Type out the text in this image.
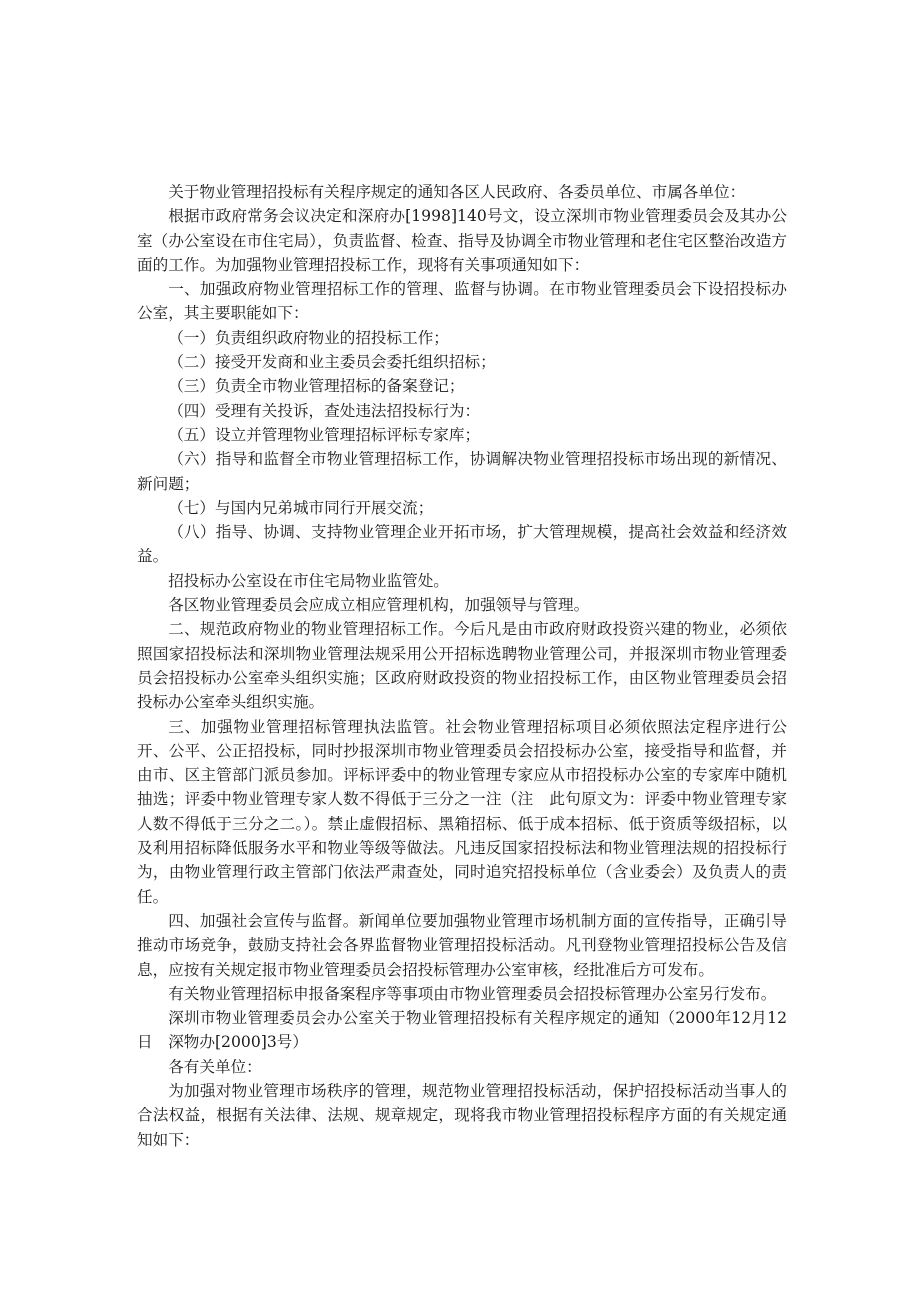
关于物业管理招投标有关程序规定的通知各区人民政府、各委员单位、市属各单位：

根据市政府常务会议决定和深府办[1998]140号文，设立深圳市物业管理委员会及其办公室（办公室设在市住宅局），负责监督、检查、指导及协调全市物业管理和老住宅区整治改造方面的工作。为加强物业管理招投标工作，现将有关事项通知如下：

一、加强政府物业管理招标工作的管理、监督与协调。在市物业管理委员会下设招投标办公室，其主要职能如下：

（一）负责组织政府物业的招投标工作；

（二）接受开发商和业主委员会委托组织招标；

（三）负责全市物业管理招标的备案登记；

（四）受理有关投诉，查处违法招投标行为：

（五）设立并管理物业管理招标评标专家库；

（六）指导和监督全市物业管理招标工作，协调解决物业管理招投标市场出现的新情况、新问题；

（七）与国内兄弟城市同行开展交流；

（八）指导、协调、支持物业管理企业开拓市场，扩大管理规模，提高社会效益和经济效益。

招投标办公室设在市住宅局物业监管处。

各区物业管理委员会应成立相应管理机构，加强领导与管理。

二、规范政府物业的物业管理招标工作。今后凡是由市政府财政投资兴建的物业，必须依照国家招投标法和深圳物业管理法规采用公开招标选聘物业管理公司，并报深圳市物业管理委员会招投标办公室牵头组织实施；区政府财政投资的物业招投标工作，由区物业管理委员会招投标办公室牵头组织实施。

三、加强物业管理招标管理执法监管。社会物业管理招标项目必须依照法定程序进行公开、公平、公正招投标，同时抄报深圳市物业管理委员会招投标办公室，接受指导和监督，并由市、区主管部门派员参加。评标评委中的物业管理专家应从市招投标办公室的专家库中随机抽选；评委中物业管理专家人数不得低于三分之一注（注　此句原文为：评委中物业管理专家人数不得低于三分之二。）。禁止虚假招标、黑箱招标、低于成本招标、低于资质等级招标，以及利用招标降低服务水平和物业等级等做法。凡违反国家招投标法和物业管理法规的招投标行为，由物业管理行政主管部门依法严肃查处，同时追究招投标单位（含业委会）及负责人的责任。

四、加强社会宣传与监督。新闻单位要加强物业管理市场机制方面的宣传指导，正确引导推动市场竞争，鼓励支持社会各界监督物业管理招投标活动。凡刊登物业管理招投标公告及信息，应按有关规定报市物业管理委员会招投标管理办公室审核，经批准后方可发布。

有关物业管理招标申报备案程序等事项由市物业管理委员会招投标管理办公室另行发布。

深圳市物业管理委员会办公室关于物业管理招投标有关程序规定的通知（2000年12月12日　深物办[2000]3号）

各有关单位：

为加强对物业管理市场秩序的管理，规范物业管理招投标活动，保护招投标活动当事人的合法权益，根据有关法律、法规、规章规定，现将我市物业管理招投标程序方面的有关规定通知如下：
